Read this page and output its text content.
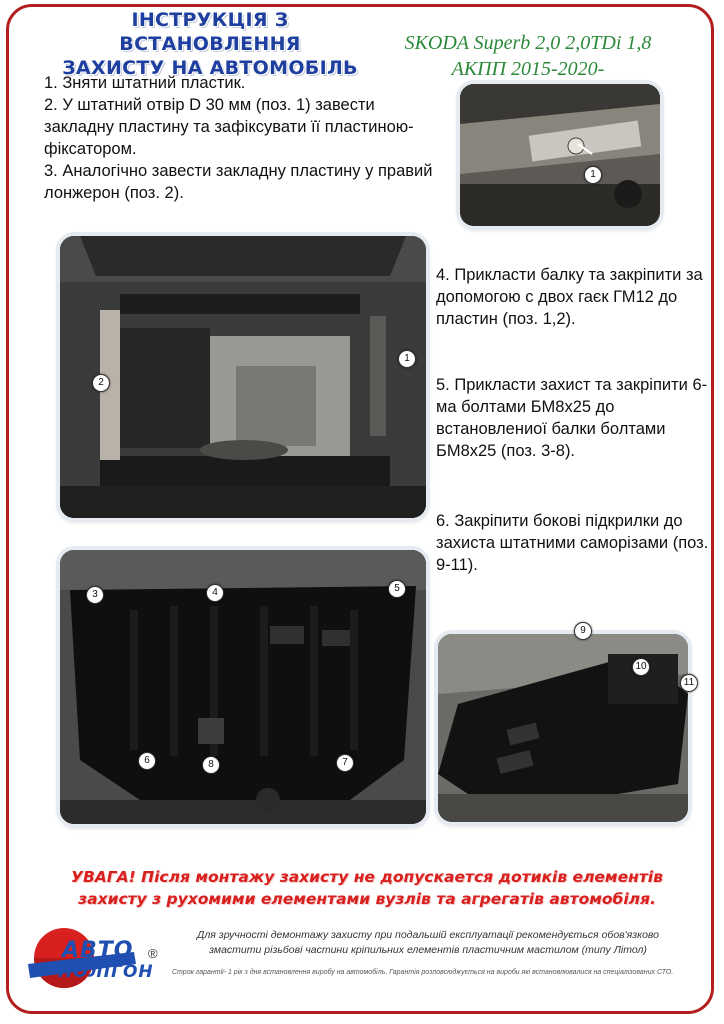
ІНСТРУКЦІЯ З ВСТАНОВЛЕННЯ
ЗАХИСТУ НА АВТОМОБІЛЬ
SKODA Superb 2,0 2,0TDi 1,8
АКПП 2015-2020-

1. Зняти штатний пластик.

2. У штатний отвір D 30 мм (поз. 1) завести закладну пластину та зафіксувати її пластиною-фіксатором.

3. Аналогічно завести закладну пластину у правий лонжерон (поз. 2).

1
1
2

4. Прикласти балку та закріпити за допомогою с двох гаєк ГМ12 до пластин (поз. 1,2).

5. Прикласти захист та закріпити 6-ма болтами БМ8х25 до встановлениої балки болтами БМ8х25 (поз. 3-8).

6. Закріпити бокові підкрилки до захиста штатними саморізами (поз. 9-11).

3	4	5
6	8	7
9
10
11
УВАГА! Після монтажу захисту не допускается дотиків елементів
захисту з рухомими елементами вузлів та агрегатів автомобіля.
АВТО
ПОЛІГОН
®
Для зручності демонтажу захисту при подальшій експлуатації рекомендується обов'язково
змастити різьбові частини кріпильних елементів пластичним мастилом (типу Літол)
Строк гарантії- 1 рік з дня встановлення виробу на автомобіль. Гарантія розповсюджується на вироби які встановлювалися на спеціалізованих СТО.
